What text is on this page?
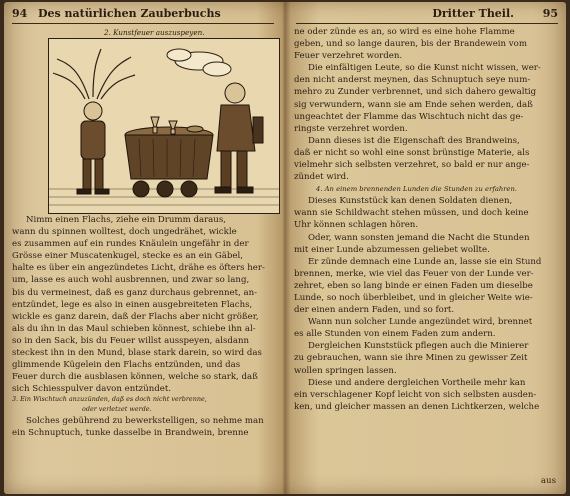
94 Des natürlichen Zauberbuchs
2. Kunstfeuer auszuspeyen.
Nimm einen Flachs, ziehe ein Drumm daraus,
wann du spinnen wolltest, doch ungedrähet, wickle
es zusammen auf ein rundes Knäulein ungefähr in der
Grösse einer Muscatenkugel, stecke es an ein Gäbel,
halte es über ein angezündetes Licht, drähe es öfters her-
um, lasse es auch wohl ausbrennen, und zwar so lang,
bis du vermeinest, daß es ganz durchaus gebrennet, an-
entzündet, lege es also in einen ausgebreiteten Flachs,
wickle es ganz darein, daß der Flachs aber nicht größer,
als du ihn in das Maul schieben könnest, schiebe ihn al-
so in den Sack, bis du Feuer willst ausspeyen, alsdann
steckest ihn in den Mund, blase stark darein, so wird das
glimmende Kügelein den Flachs entzünden, und das
Feuer durch die ausblasen können, welche so stark, daß
sich Schiesspulver davon entzündet.
3. Ein Wischtuch anzuzünden, daß es doch nicht verbrenne,
oder verletzet werde.
Solches gebührend zu bewerkstelligen, so nehme man
ein Schnuptuch, tunke dasselbe in Brandwein, brenne
Dritter Theil.	95
ne oder zünde es an, so wird es eine hohe Flamme
geben, und so lange dauren, bis der Brandewein vom
Feuer verzehret worden.
Die einfältigen Leute, so die Kunst nicht wissen, wer-
den nicht anderst meynen, das Schnuptuch seye num-
mehro zu Zunder verbrennet, und sich dahero gewaltig
sig verwundern, wann sie am Ende sehen werden, daß
ungeachtet der Flamme das Wischtuch nicht das ge-
ringste verzehret worden.
Dann dieses ist die Eigenschaft des Brandweins,
daß er nicht so wohl eine sonst brünstige Materie, als
vielmehr sich selbsten verzehret, so bald er nur ange-
zündet wird.
4. An einem brennenden Lunden die Stunden zu erfahren.
Dieses Kunststück kan denen Soldaten dienen,
wann sie Schildwacht stehen müssen, und doch keine
Uhr können schlagen hören.
Oder, wann sonsten jemand die Nacht die Stunden
mit einer Lunde abzumessen geliebet wollte.
Er zünde demnach eine Lunde an, lasse sie ein Stund
brennen, merke, wie viel das Feuer von der Lunde ver-
zehret, eben so lang binde er einen Faden um dieselbe
Lunde, so noch überbleibet, und in gleicher Weite wie-
der einen andern Faden, und so fort.
Wann nun solcher Lunde angezündet wird, brennet
es alle Stunden von einem Faden zum andern.
Dergleichen Kunststück pflegen auch die Minierer
zu gebrauchen, wann sie ihre Minen zu gewisser Zeit
wollen springen lassen.
Diese und andere dergleichen Vortheile mehr kan
ein verschlagener Kopf leicht von sich selbsten ausden-
ken, und gleicher massen an denen Lichtkerzen, welche
aus
